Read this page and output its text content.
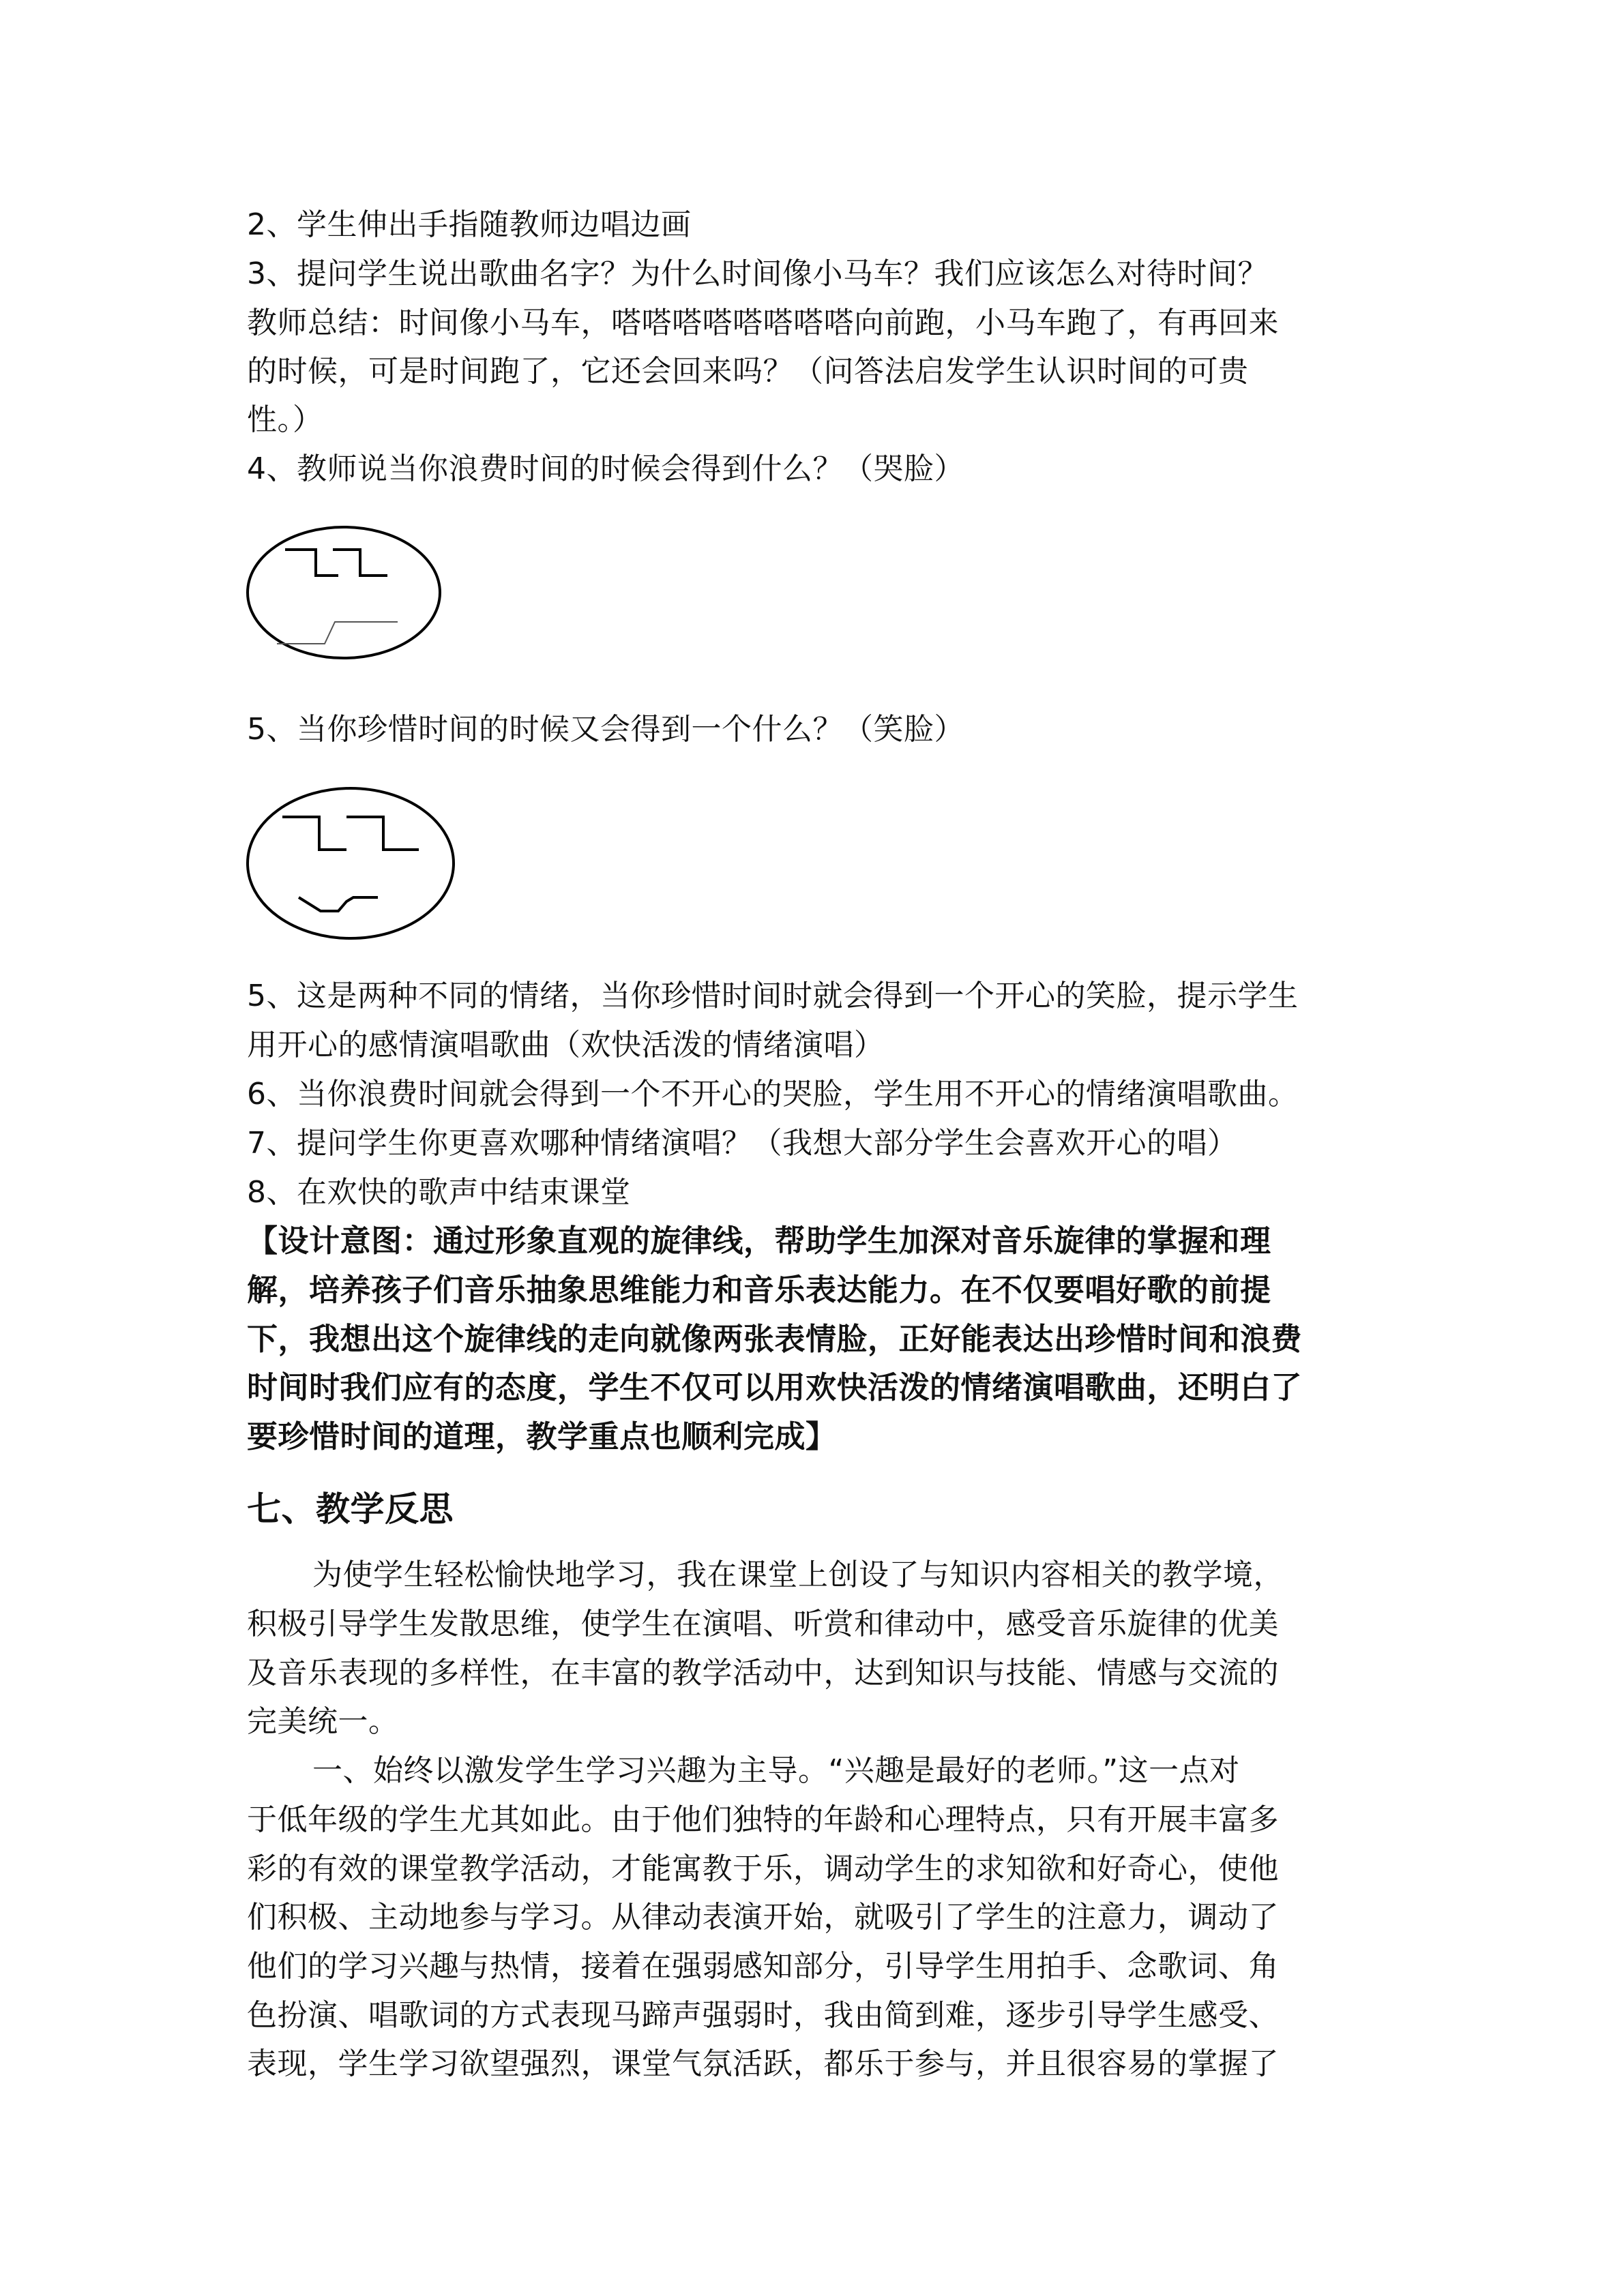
2、学生伸出手指随教师边唱边画
3、提问学生说出歌曲名字？为什么时间像小马车？我们应该怎么对待时间？
教师总结：时间像小马车，嗒嗒嗒嗒嗒嗒嗒嗒向前跑，小马车跑了，有再回来
的时候，可是时间跑了，它还会回来吗？（问答法启发学生认识时间的可贵
性。）
4、教师说当你浪费时间的时候会得到什么？（哭脸）
5、当你珍惜时间的时候又会得到一个什么？（笑脸）
5、这是两种不同的情绪，当你珍惜时间时就会得到一个开心的笑脸，提示学生
用开心的感情演唱歌曲（欢快活泼的情绪演唱）
6、当你浪费时间就会得到一个不开心的哭脸，学生用不开心的情绪演唱歌曲。
7、提问学生你更喜欢哪种情绪演唱？（我想大部分学生会喜欢开心的唱）
8、在欢快的歌声中结束课堂
【设计意图：通过形象直观的旋律线，帮助学生加深对音乐旋律的掌握和理
解，培养孩子们音乐抽象思维能力和音乐表达能力。在不仅要唱好歌的前提
下，我想出这个旋律线的走向就像两张表情脸，正好能表达出珍惜时间和浪费
时间时我们应有的态度，学生不仅可以用欢快活泼的情绪演唱歌曲，还明白了
要珍惜时间的道理，教学重点也顺利完成】
七、教学反思
为使学生轻松愉快地学习，我在课堂上创设了与知识内容相关的教学境，
积极引导学生发散思维，使学生在演唱、听赏和律动中，感受音乐旋律的优美
及音乐表现的多样性，在丰富的教学活动中，达到知识与技能、情感与交流的
完美统一。
一、始终以激发学生学习兴趣为主导。“兴趣是最好的老师。”这一点对
于低年级的学生尤其如此。由于他们独特的年龄和心理特点，只有开展丰富多
彩的有效的课堂教学活动，才能寓教于乐，调动学生的求知欲和好奇心，使他
们积极、主动地参与学习。从律动表演开始，就吸引了学生的注意力，调动了
他们的学习兴趣与热情，接着在强弱感知部分，引导学生用拍手、念歌词、角
色扮演、唱歌词的方式表现马蹄声强弱时，我由简到难，逐步引导学生感受、
表现，学生学习欲望强烈，课堂气氛活跃，都乐于参与，并且很容易的掌握了
